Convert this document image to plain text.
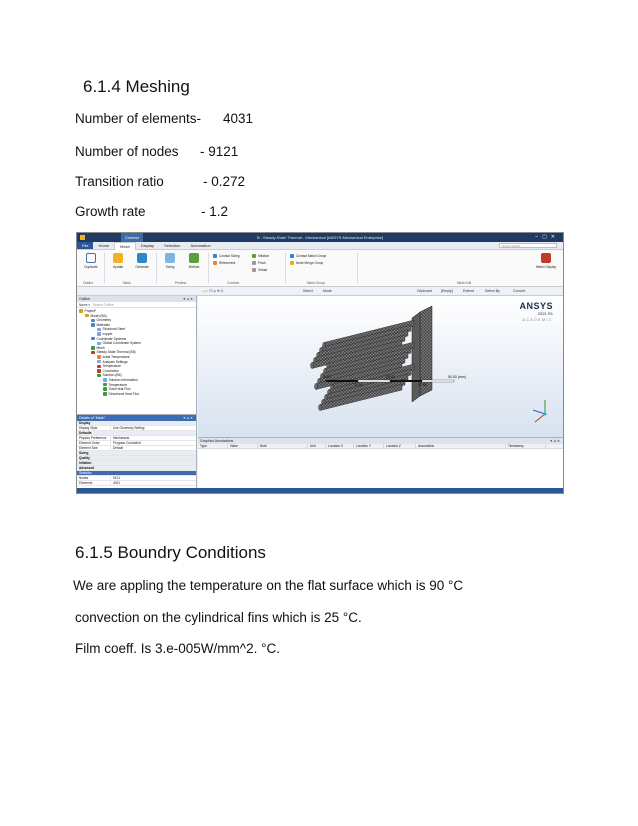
6.1.4 Meshing
Number of elements- 4031
Number of nodes - 9121
Transition ratio	- 0.272
Growth rate	- 1.2
Context	B : Steady-State Thermal - Mechanical [ANSYS Mechanical Enterprise]	–▢✕
File	Home	Mesh	Display	Selection	Automation	Quick Launch
Duplicate	Update	Generate	Sizing	Method
Contact Sizing
Refinement
Inflation
Pinch
Virtual
Contact Match Group
Node Merge Group
Metric Display
Outline	Mesh	Preview	Controls	Mesh Group	Mesh Edit
⌕ ⌕ ⟲ ⊕ ✥ ◎	Select	Mode	Clipboard	[Empty]	Extend	Select By	Convert
Outline	▾ ⊿ ✕
Name ▾   Search Outline
Project*
Model (B4)
Geometry
Materials
Structural Steel
copper
Coordinate Systems
Global Coordinate System
Mesh
Steady-State Thermal (B5)
Initial Temperature
Analysis Settings
Temperature
Convection
Solution (B6)
Solution Information
Temperature
Total Heat Flux
Directional Heat Flux
Details of "Mesh"	▾ ⊿ ✕
Display
Display Style	Use Geometry Setting
Defaults
Physics Preference	Mechanical
Element Order	Program Controlled
Element Size	Default
Sizing
Quality
Inflation
Advanced
Statistics
Nodes	9121
Elements	4031
ANSYS
2021 R1
ACADEMIC
0.00	25.00	50.00 (mm)
12.50	37.50
Graphics Annotations	▾ ⊿ ✕
Type	Value	Note	Unit	Location X	Location Y	Location Z	Association	Timestamp
6.1.5 Boundry Conditions
We are appling the temperature on the flat surface which is 90 °C
convection on the cylindrical fins which is 25 °C.
Film coeff. Is 3.e-005W/mm^2. °C.
